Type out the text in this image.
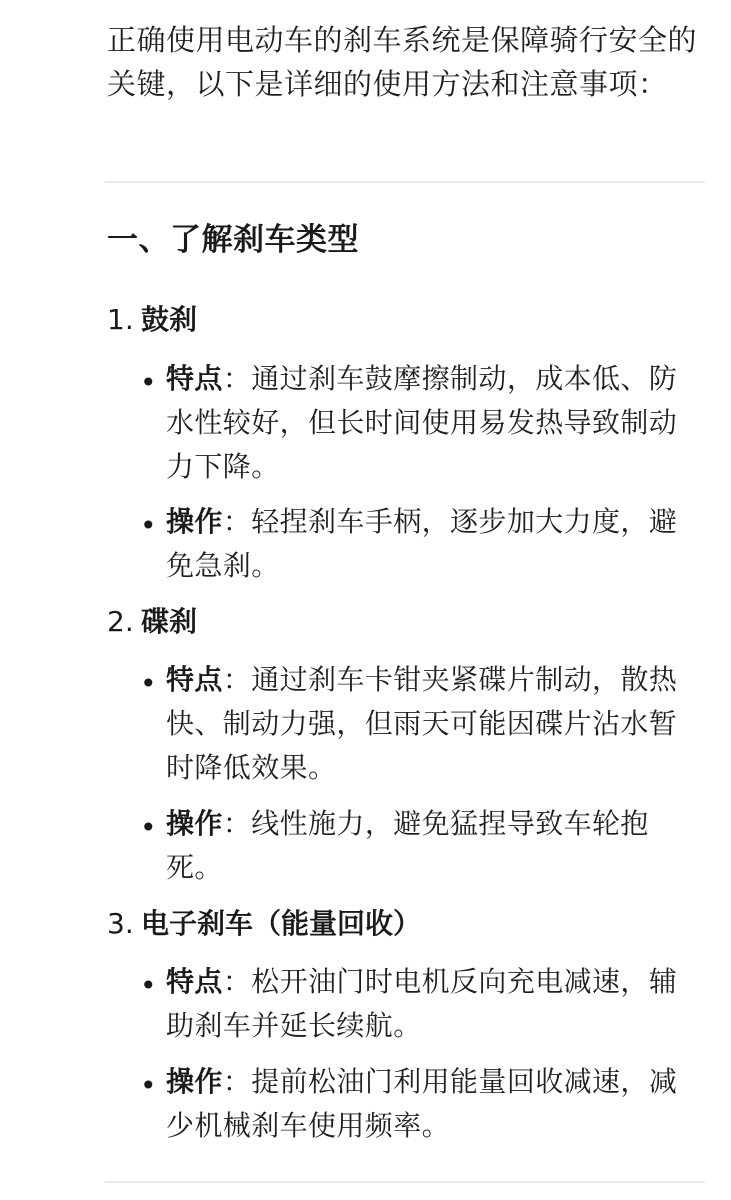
正确使用电动车的刹车系统是保障骑行安全的关键，以下是详细的使用方法和注意事项：
一、了解刹车类型
1. 鼓刹
• 特点：通过刹车鼓摩擦制动，成本低、防水性较好，但长时间使用易发热导致制动力下降。
• 操作：轻捏刹车手柄，逐步加大力度，避免急刹。
2. 碟刹
• 特点：通过刹车卡钳夹紧碟片制动，散热快、制动力强，但雨天可能因碟片沾水暂时降低效果。
• 操作：线性施力，避免猛捏导致车轮抱死。
3. 电子刹车（能量回收）
• 特点：松开油门时电机反向充电减速，辅助刹车并延长续航。
• 操作：提前松油门利用能量回收减速，减少机械刹车使用频率。
